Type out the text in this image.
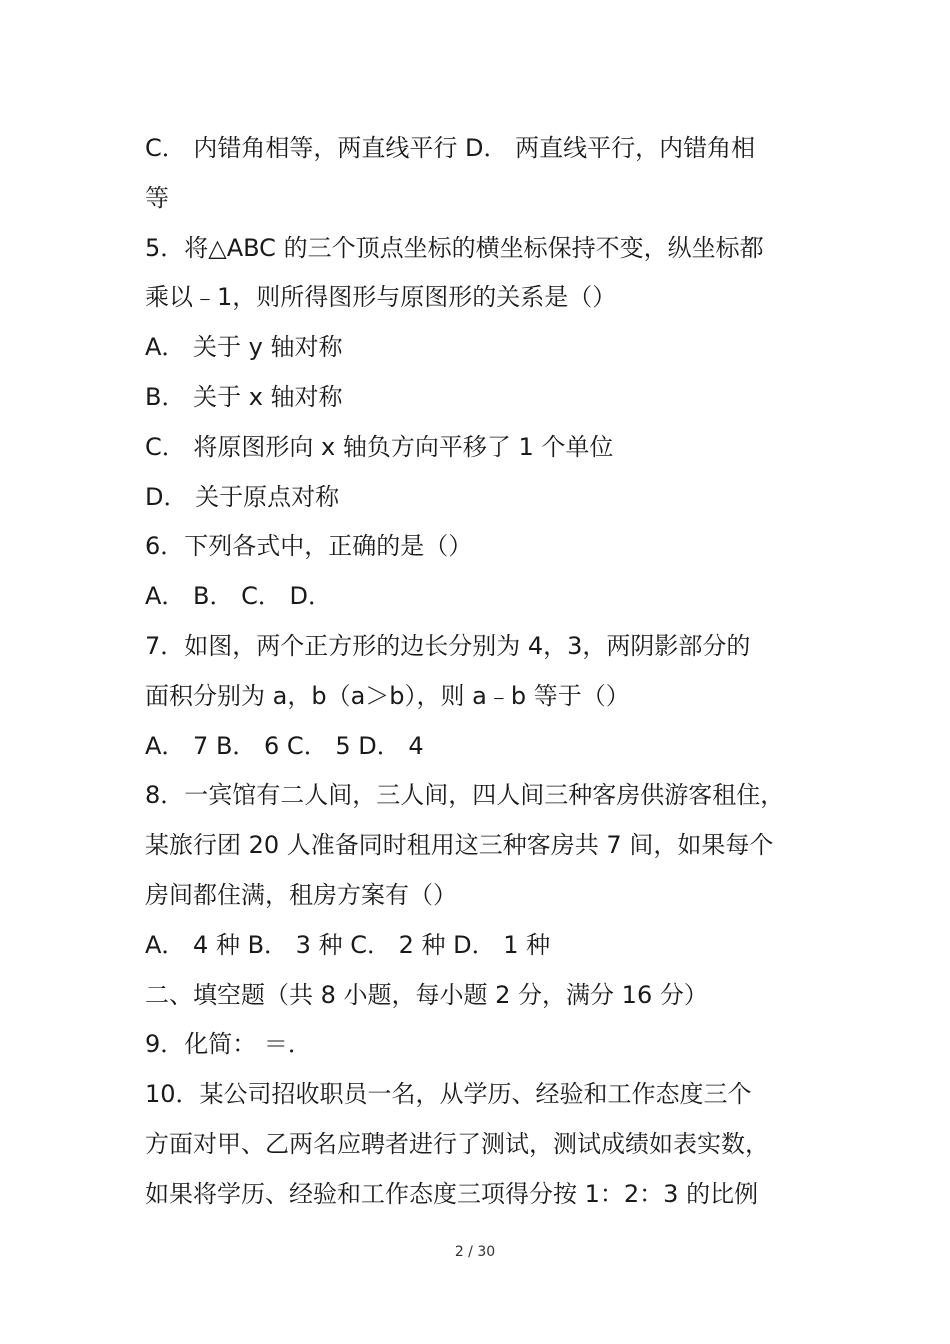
C． 内错角相等，两直线平行 D． 两直线平行，内错角相
等
5．将△ABC 的三个顶点坐标的横坐标保持不变，纵坐标都
乘以﹣1，则所得图形与原图形的关系是（）
A． 关于 y 轴对称
B． 关于 x 轴对称
C． 将原图形向 x 轴负方向平移了 1 个单位
D． 关于原点对称
6．下列各式中，正确的是（）
A． B． C． D．
7．如图，两个正方形的边长分别为 4，3，两阴影部分的
面积分别为 a，b（a＞b），则 a﹣b 等于（）
A． 7 B． 6 C． 5 D． 4
8．一宾馆有二人间，三人间，四人间三种客房供游客租住，
某旅行团 20 人准备同时租用这三种客房共 7 间，如果每个
房间都住满，租房方案有（）
A． 4 种 B． 3 种 C． 2 种 D． 1 种
二、填空题（共 8 小题，每小题 2 分，满分 16 分）
9．化简： ＝．
10．某公司招收职员一名，从学历、经验和工作态度三个
方面对甲、乙两名应聘者进行了测试，测试成绩如表实数，
如果将学历、经验和工作态度三项得分按 1：2：3 的比例
2 / 30
